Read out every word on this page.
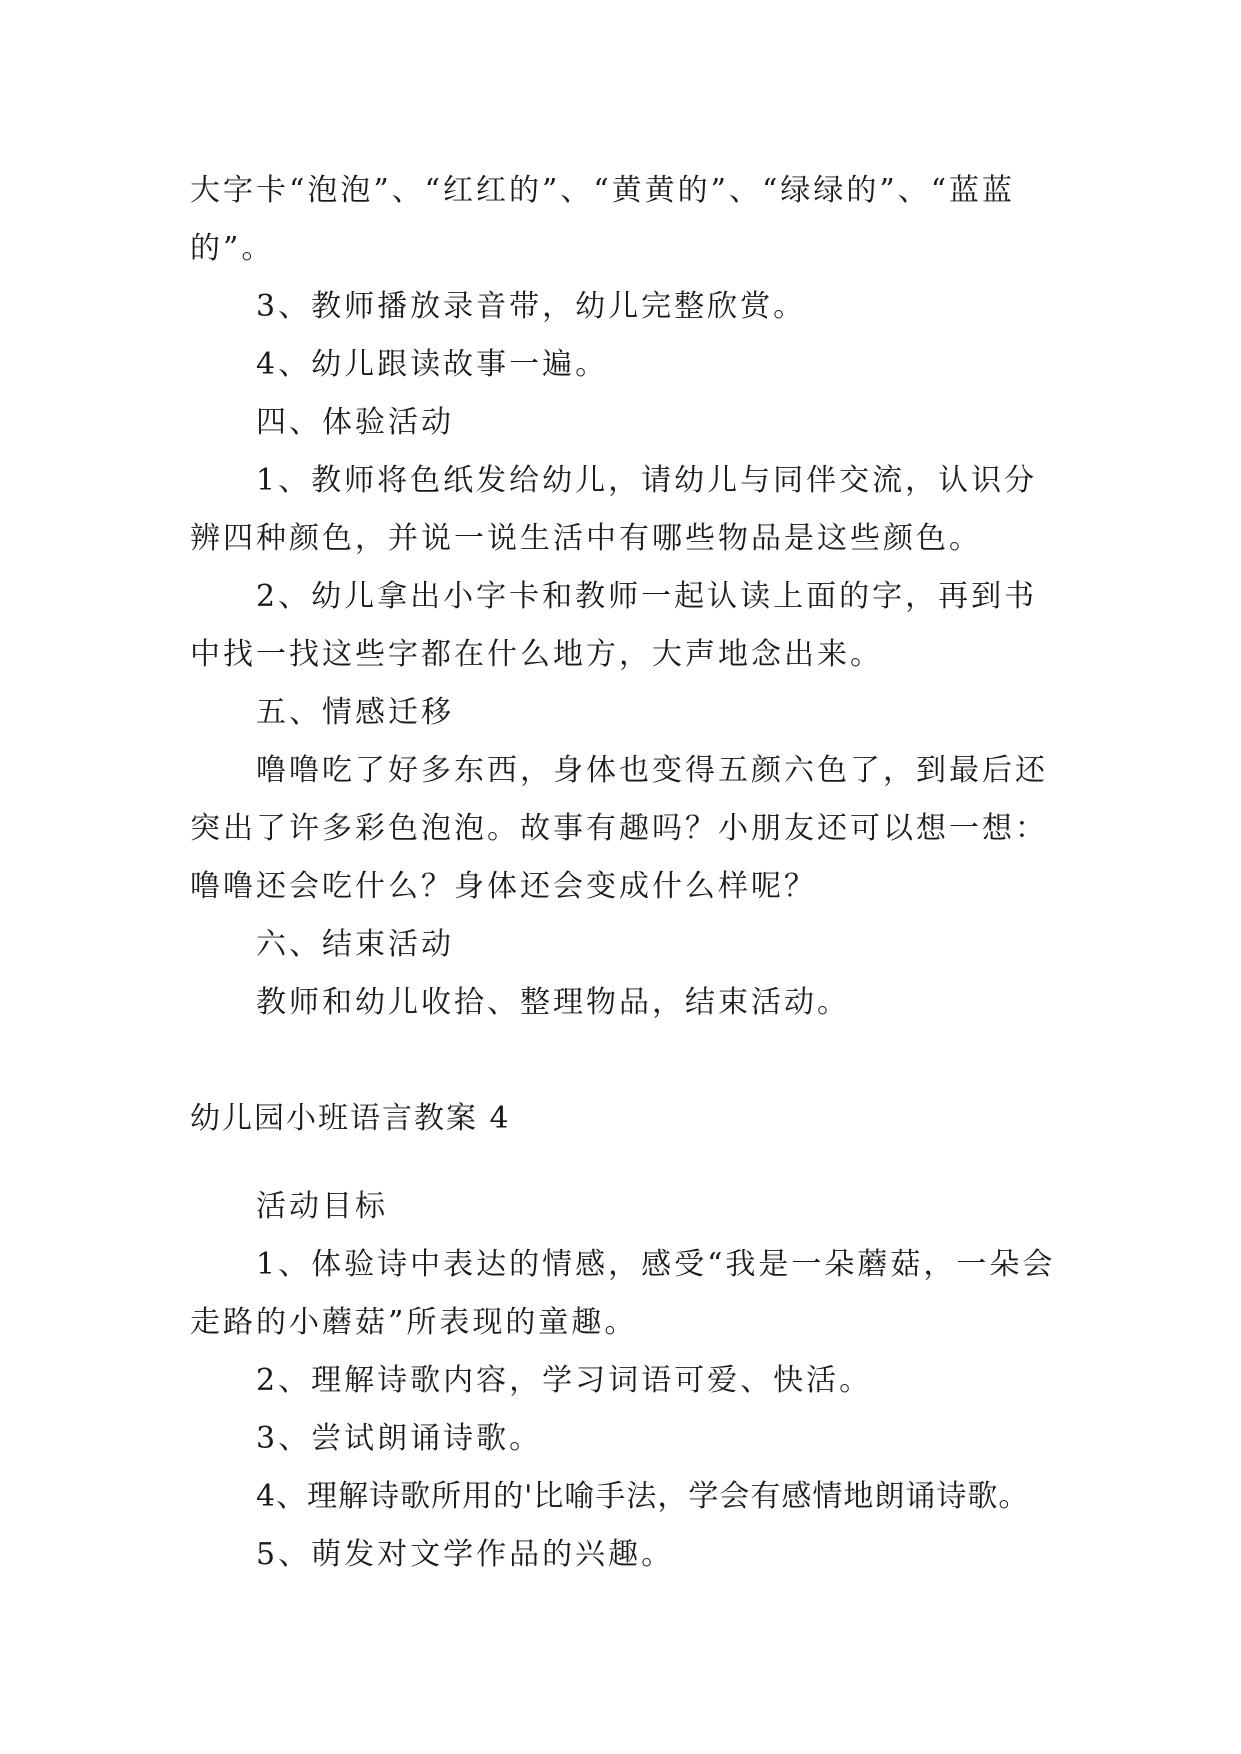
大字卡“泡泡”、“红红的”、“黄黄的”、“绿绿的”、“蓝蓝的”。

3、教师播放录音带，幼儿完整欣赏。

4、幼儿跟读故事一遍。

四、体验活动

1、教师将色纸发给幼儿，请幼儿与同伴交流，认识分辨四种颜色，并说一说生活中有哪些物品是这些颜色。

2、幼儿拿出小字卡和教师一起认读上面的字，再到书中找一找这些字都在什么地方，大声地念出来。

五、情感迁移

噜噜吃了好多东西，身体也变得五颜六色了，到最后还突出了许多彩色泡泡。故事有趣吗？小朋友还可以想一想：噜噜还会吃什么？身体还会变成什么样呢？

六、结束活动

教师和幼儿收拾、整理物品，结束活动。

幼儿园小班语言教案 4

活动目标

1、体验诗中表达的情感，感受“我是一朵蘑菇，一朵会走路的小蘑菇”所表现的童趣。

2、理解诗歌内容，学习词语可爱、快活。

3、尝试朗诵诗歌。

4、理解诗歌所用的'比喻手法，学会有感情地朗诵诗歌。

5、萌发对文学作品的兴趣。
